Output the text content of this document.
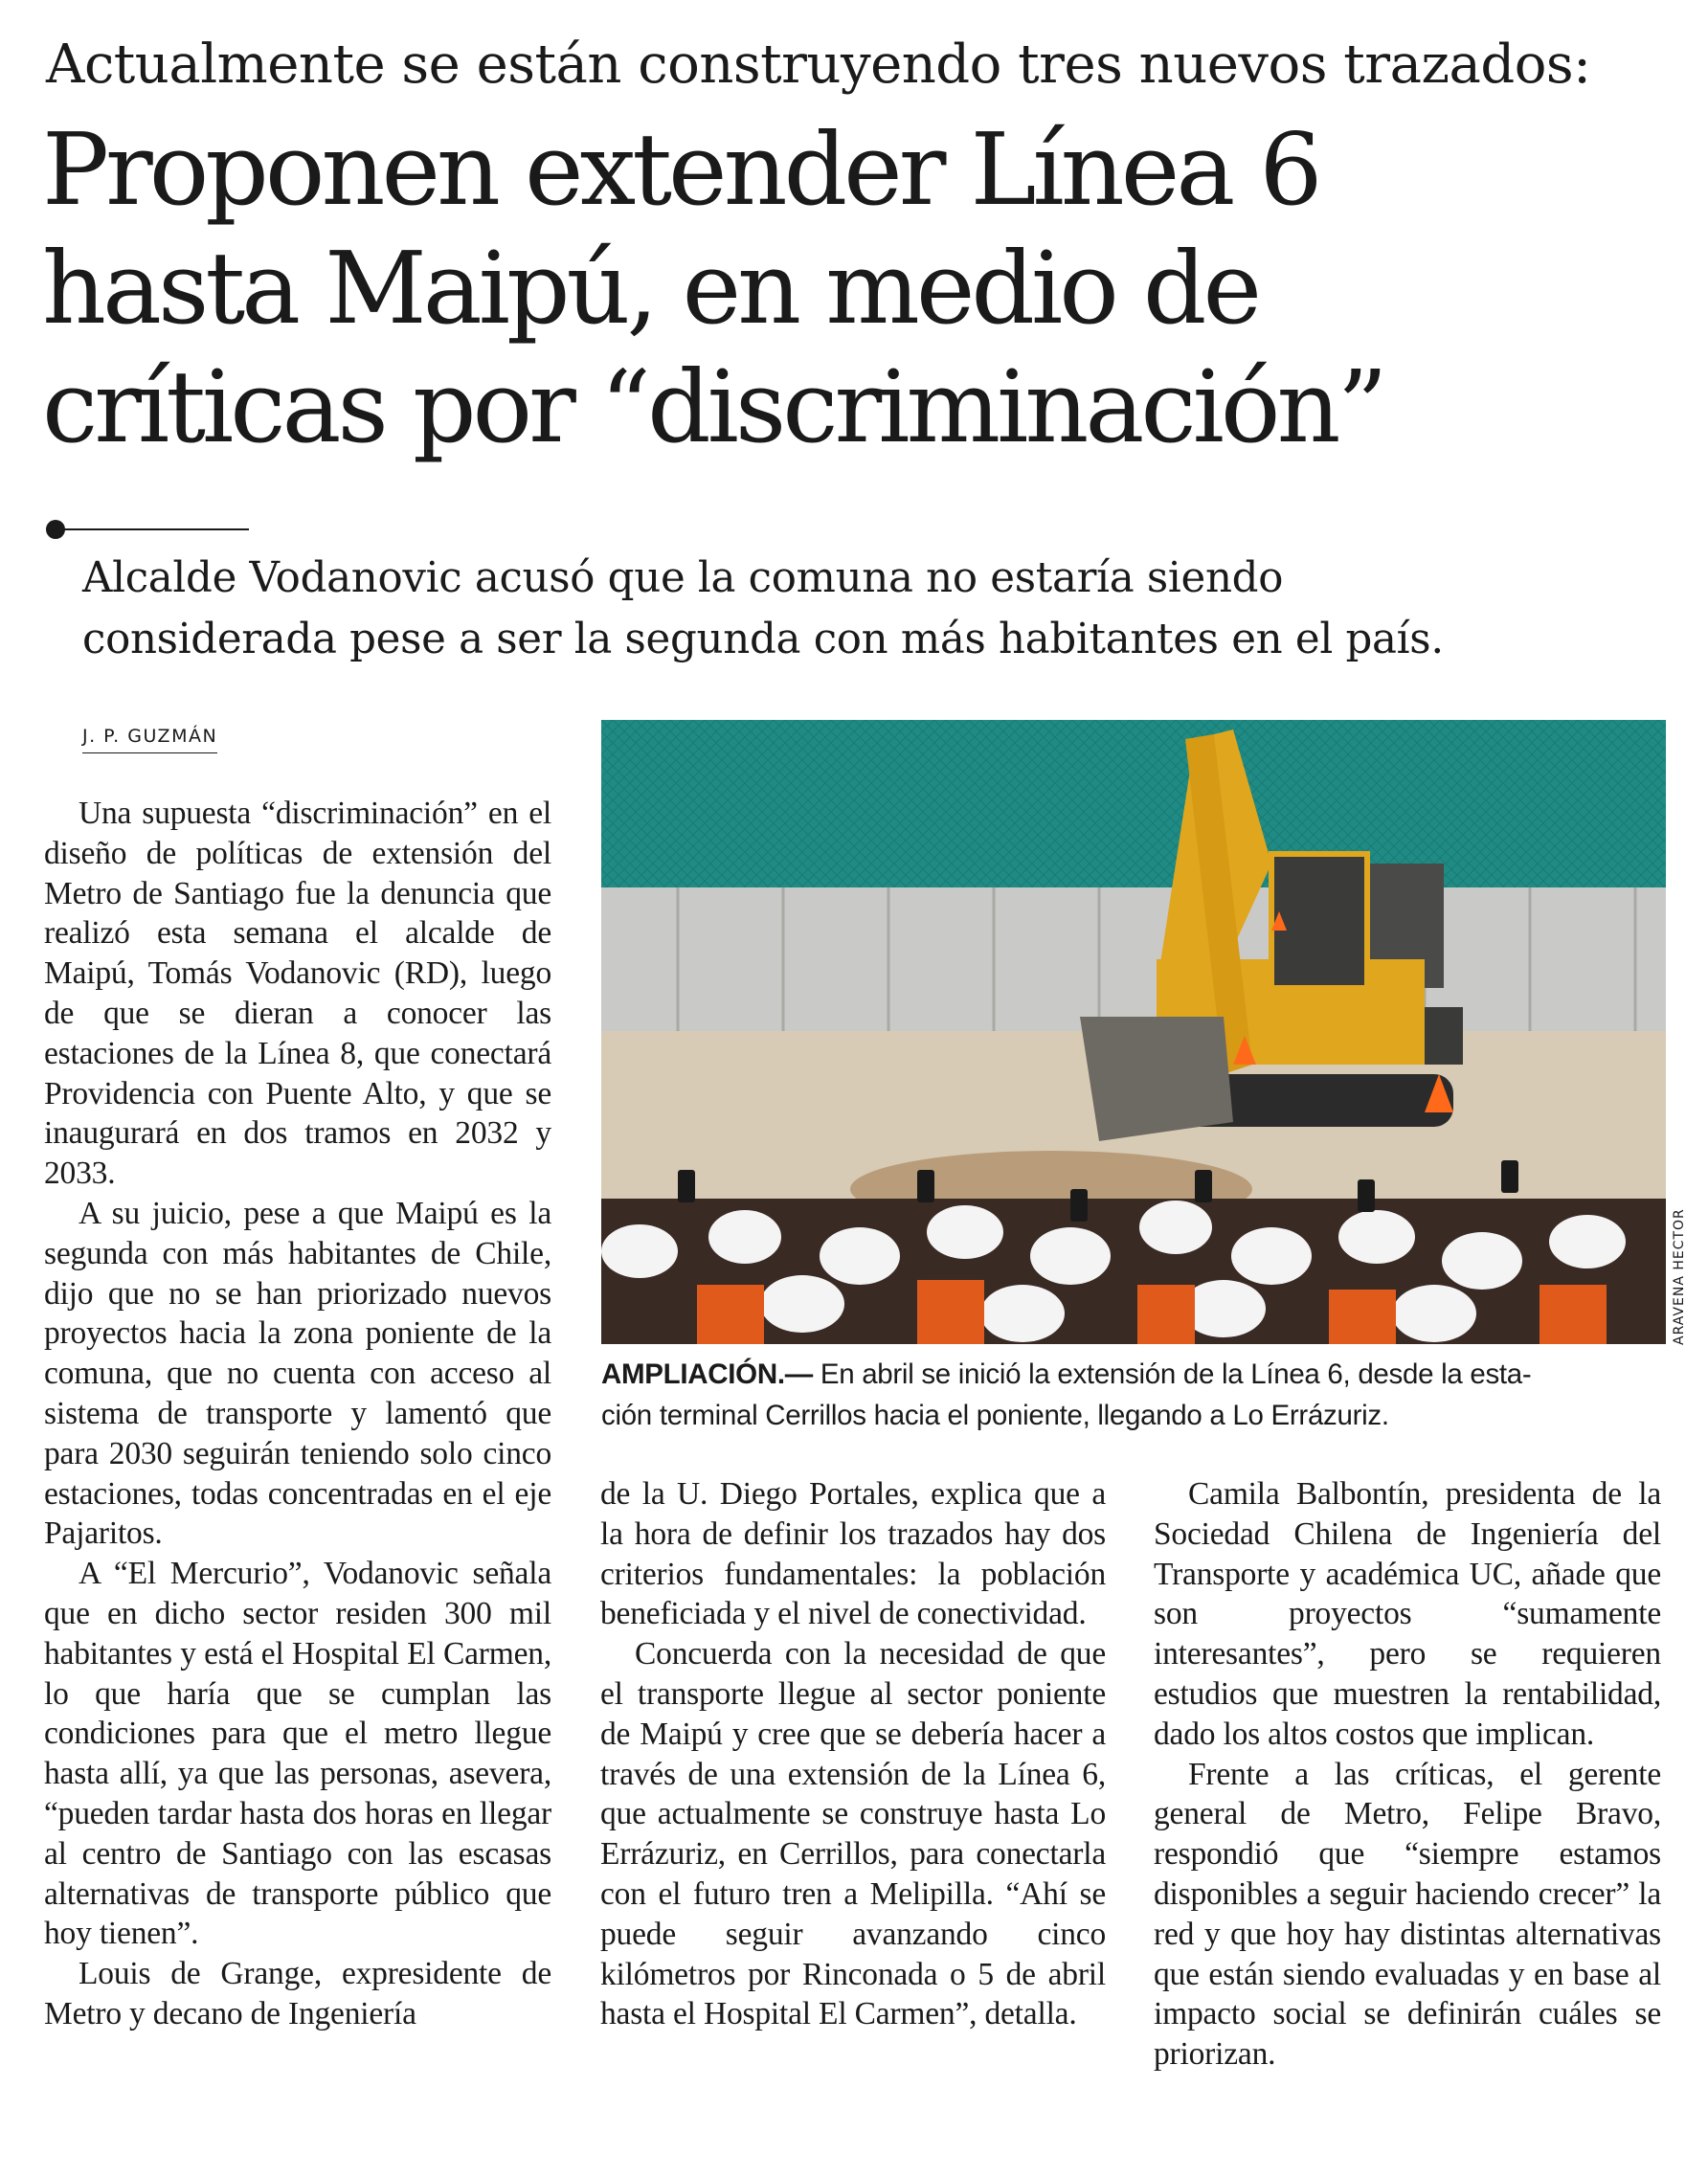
Actualmente se están construyendo tres nuevos trazados:
Proponen extender Línea 6
hasta Maipú, en medio de
críticas por “discriminación”
Alcalde Vodanovic acusó que la comuna no estaría siendo
considerada pese a ser la segunda con más habitantes en el país.
J. P. GUZMÁN

Una supuesta “discriminación” en el diseño de políticas de extensión del Metro de Santiago fue la denuncia que realizó esta semana el alcalde de Maipú, Tomás Vodanovic (RD), luego de que se dieran a conocer las estaciones de la Línea 8, que conectará Providencia con Puente Alto, y que se inaugurará en dos tramos en 2032 y 2033.

A su juicio, pese a que Maipú es la segunda con más habitantes de Chile, dijo que no se han priorizado nuevos proyectos hacia la zona poniente de la comuna, que no cuenta con acceso al sistema de transporte y lamentó que para 2030 seguirán teniendo solo cinco estaciones, todas concentradas en el eje Pajaritos.

A “El Mercurio”, Vodanovic señala que en dicho sector residen 300 mil habitantes y está el Hospital El Carmen, lo que haría que se cumplan las condiciones para que el metro llegue hasta allí, ya que las personas, asevera, “pueden tardar hasta dos horas en llegar al centro de Santiago con las escasas alternativas de transporte público que hoy tienen”.

Louis de Grange, expresidente de Metro y decano de Ingeniería

ARAVENA HECTOR
AMPLIACIÓN.— En abril se inició la extensión de la Línea 6, desde la esta-
ción terminal Cerrillos hacia el poniente, llegando a Lo Errázuriz.

de la U. Diego Portales, explica que a la hora de definir los trazados hay dos criterios fundamentales: la población beneficiada y el nivel de conectividad.

Concuerda con la necesidad de que el transporte llegue al sector poniente de Maipú y cree que se debería hacer a través de una extensión de la Línea 6, que actualmente se construye hasta Lo Errázuriz, en Cerrillos, para conectarla con el futuro tren a Melipilla. “Ahí se puede seguir avanzando cinco kilómetros por Rinconada o 5 de abril hasta el Hospital El Carmen”, detalla.

Camila Balbontín, presidenta de la Sociedad Chilena de Ingeniería del Transporte y académica UC, añade que son proyectos “sumamente interesantes”, pero se requieren estudios que muestren la rentabilidad, dado los altos costos que implican.

Frente a las críticas, el gerente general de Metro, Felipe Bravo, respondió que “siempre estamos disponibles a seguir haciendo crecer” la red y que hoy hay distintas alternativas que están siendo evaluadas y en base al impacto social se definirán cuáles se priorizan.
